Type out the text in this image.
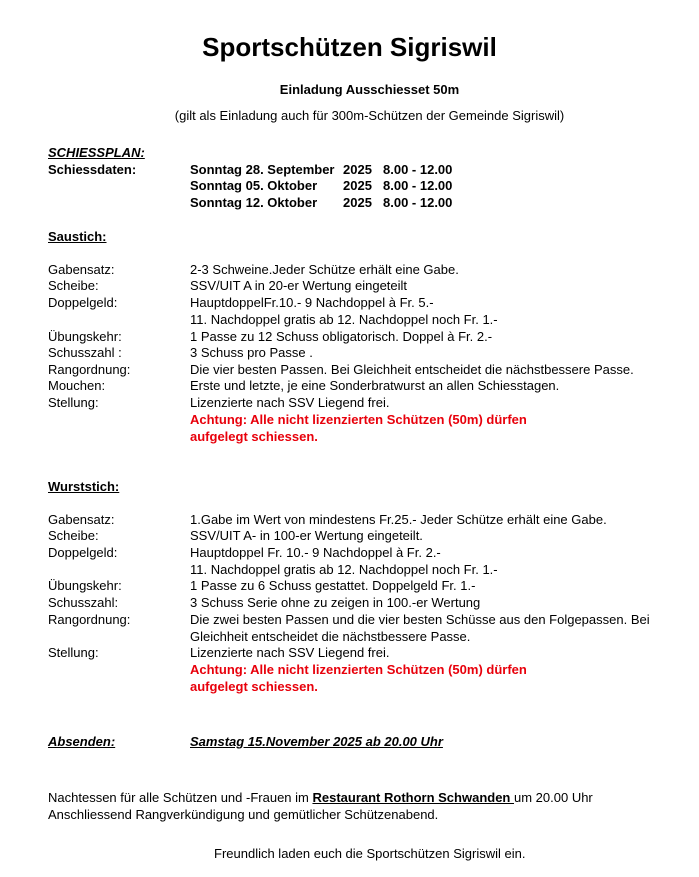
Sportschützen Sigriswil
Einladung Ausschiesset 50m
(gilt als Einladung auch für 300m-Schützen der Gemeinde Sigriswil)
SCHIESSPLAN:
Schiessdaten:	Sonntag 28. September 2025 8.00 - 12.00
Sonntag 05. Oktober 2025 8.00 - 12.00
Sonntag 12. Oktober 2025 8.00 - 12.00
Saustich:
Gabensatz:	2-3 Schweine.Jeder Schütze erhält eine Gabe.
Scheibe:	SSV/UIT A in 20-er Wertung eingeteilt
Doppelgeld:	HauptdoppelFr.10.- 9 Nachdoppel à Fr. 5.-
11. Nachdoppel gratis ab 12. Nachdoppel noch Fr. 1.-
Übungskehr:	1 Passe zu 12 Schuss obligatorisch. Doppel à Fr. 2.-
Schusszahl :	3 Schuss pro Passe .
Rangordnung:	Die vier besten Passen. Bei Gleichheit entscheidet die nächstbessere Passe.
Mouchen:	Erste und letzte, je eine Sonderbratwurst an allen Schiesstagen.
Stellung:	Lizenzierte nach SSV Liegend frei.
Achtung: Alle nicht lizenzierten Schützen (50m) dürfen
aufgelegt schiessen.
Wurststich:
Gabensatz:	1.Gabe im Wert von mindestens Fr.25.- Jeder Schütze erhält eine Gabe.
Scheibe:	SSV/UIT A- in 100-er Wertung eingeteilt.
Doppelgeld:	Hauptdoppel Fr. 10.- 9 Nachdoppel à Fr. 2.-
11. Nachdoppel gratis ab 12. Nachdoppel noch Fr. 1.-
Übungskehr:	1 Passe zu 6 Schuss gestattet. Doppelgeld Fr. 1.-
Schusszahl:	3 Schuss Serie ohne zu zeigen in 100.-er Wertung
Rangordnung:	Die zwei besten Passen und die vier besten Schüsse aus den Folgepassen. Bei
Gleichheit entscheidet die nächstbessere Passe.
Stellung:	Lizenzierte nach SSV Liegend frei.
Achtung: Alle nicht lizenzierten Schützen (50m) dürfen
aufgelegt schiessen.
Absenden:	Samstag 15.November 2025 ab 20.00 Uhr
Nachtessen für alle Schützen und -Frauen im Restaurant Rothorn Schwanden um 20.00 Uhr
Anschliessend Rangverkündigung und gemütlicher Schützenabend.
Freundlich laden euch die Sportschützen Sigriswil ein.
